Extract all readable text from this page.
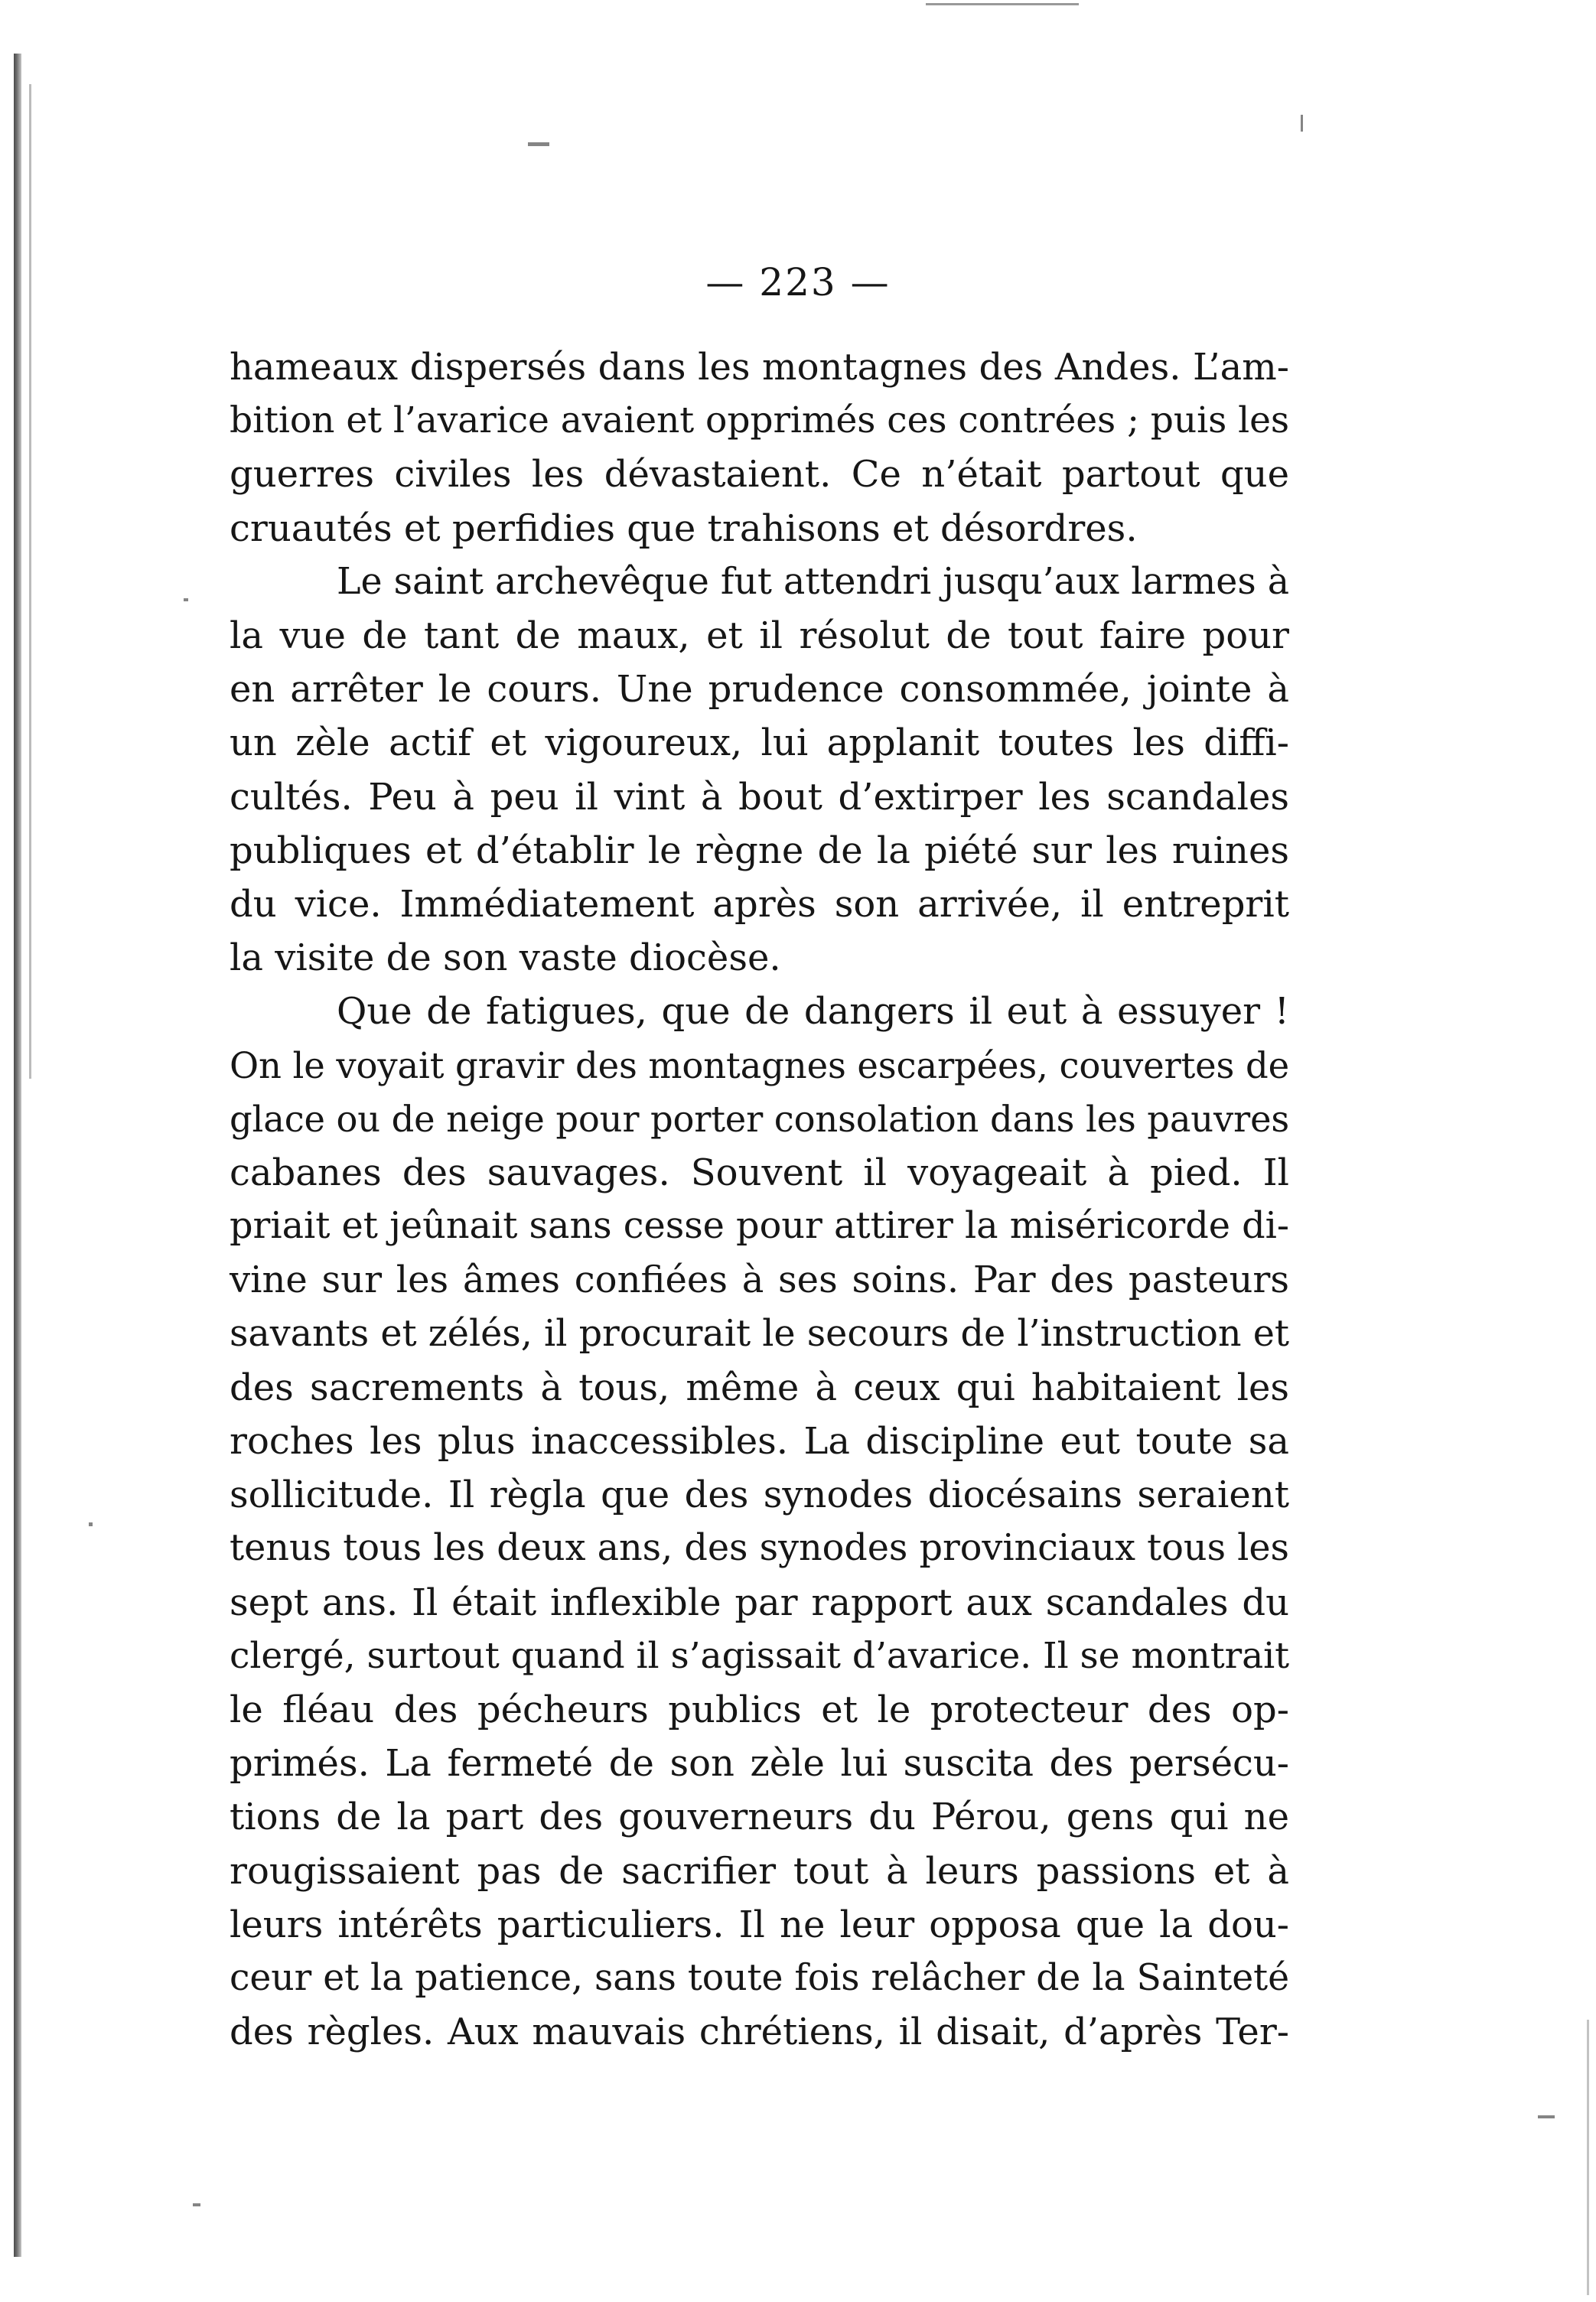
— 223 —
hameaux dispersés dans les montagnes des Andes. L’am-
bition et l’avarice avaient opprimés ces contrées ; puis les
guerres civiles les dévastaient. Ce n’était partout que
cruautés et perfidies que trahisons et désordres.
Le saint archevêque fut attendri jusqu’aux larmes à
la vue de tant de maux, et il résolut de tout faire pour
en arrêter le cours. Une prudence consommée, jointe à
un zèle actif et vigoureux, lui applanit toutes les diffi-
cultés. Peu à peu il vint à bout d’extirper les scandales
publiques et d’établir le règne de la piété sur les ruines
du vice. Immédiatement après son arrivée, il entreprit
la visite de son vaste diocèse.
Que de fatigues, que de dangers il eut à essuyer !
On le voyait gravir des montagnes escarpées, couvertes de
glace ou de neige pour porter consolation dans les pauvres
cabanes des sauvages. Souvent il voyageait à pied. Il
priait et jeûnait sans cesse pour attirer la miséricorde di-
vine sur les âmes confiées à ses soins. Par des pasteurs
savants et zélés, il procurait le secours de l’instruction et
des sacrements à tous, même à ceux qui habitaient les
roches les plus inaccessibles. La discipline eut toute sa
sollicitude. Il règla que des synodes diocésains seraient
tenus tous les deux ans, des synodes provinciaux tous les
sept ans. Il était inflexible par rapport aux scandales du
clergé, surtout quand il s’agissait d’avarice. Il se montrait
le fléau des pécheurs publics et le protecteur des op-
primés. La fermeté de son zèle lui suscita des persécu-
tions de la part des gouverneurs du Pérou, gens qui ne
rougissaient pas de sacrifier tout à leurs passions et à
leurs intérêts particuliers. Il ne leur opposa que la dou-
ceur et la patience, sans toute fois relâcher de la Sainteté
des règles. Aux mauvais chrétiens, il disait, d’après Ter-
